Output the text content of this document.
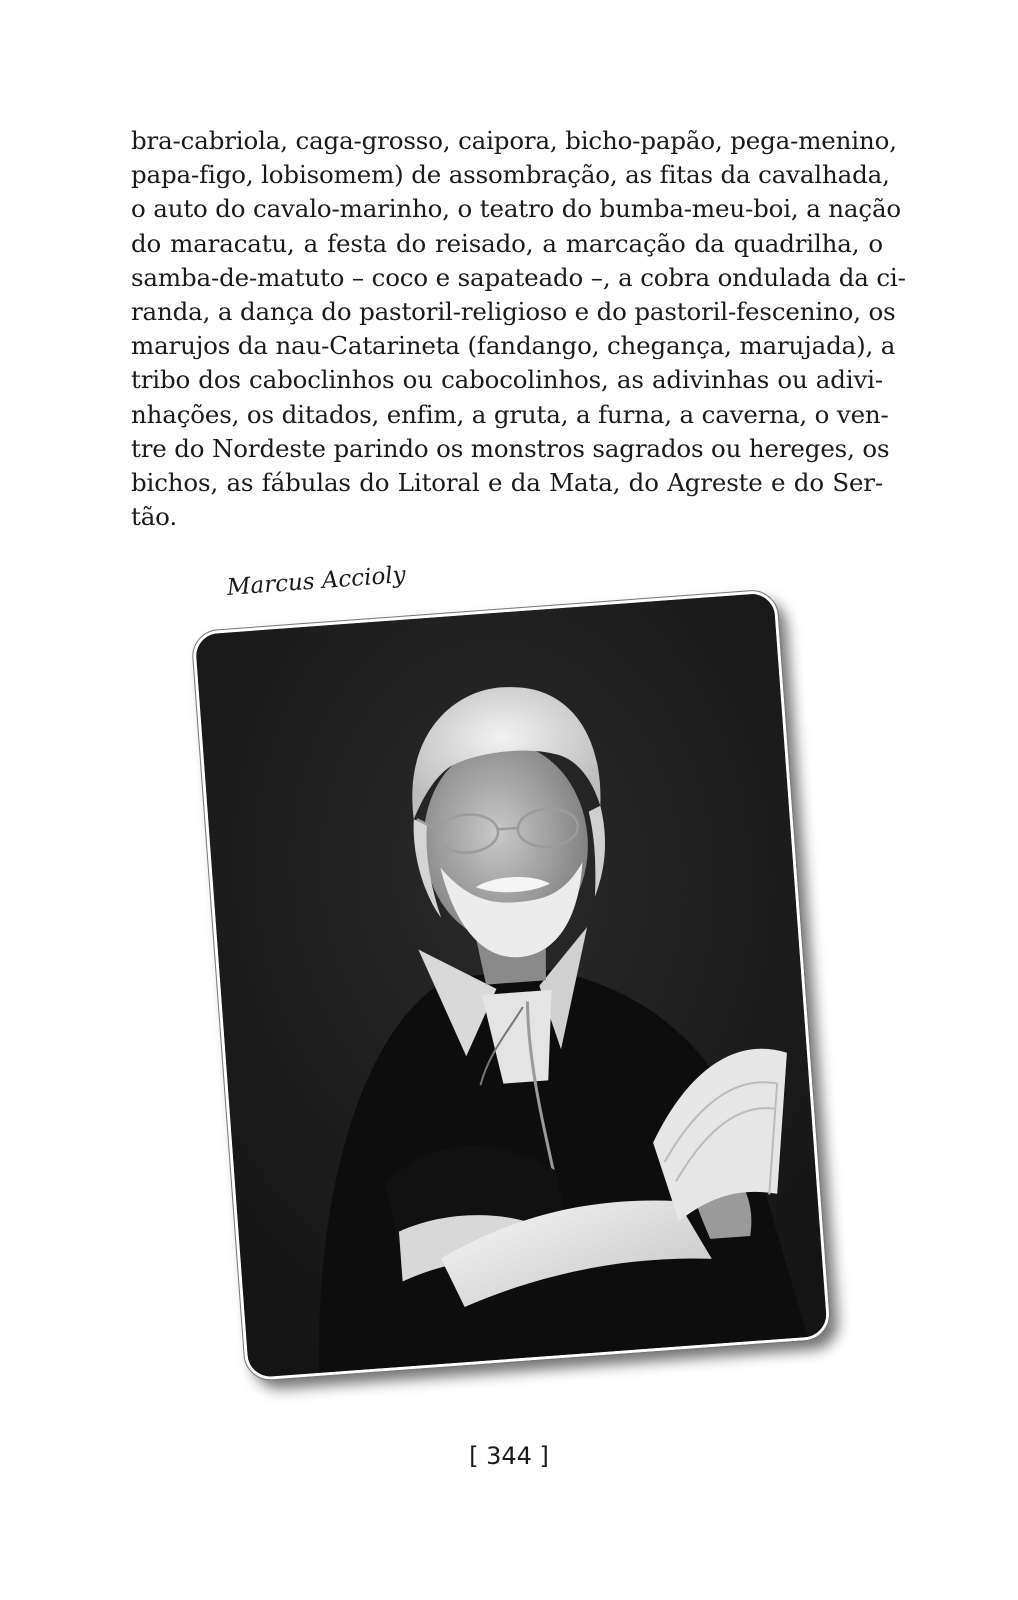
bra-cabriola, caga-grosso, caipora, bicho-papão, pega-menino,
papa-figo, lobisomem) de assombração, as fitas da cavalhada,
o auto do cavalo-marinho, o teatro do bumba-meu-boi, a nação
do maracatu, a festa do reisado, a marcação da quadrilha, o
samba-de-matuto – coco e sapateado –, a cobra ondulada da ci-
randa, a dança do pastoril-religioso e do pastoril-fescenino, os
marujos da nau-Catarineta (fandango, chegança, marujada), a
tribo dos caboclinhos ou cabocolinhos, as adivinhas ou adivi-
nhações, os ditados, enfim, a gruta, a furna, a caverna, o ven-
tre do Nordeste parindo os monstros sagrados ou hereges, os
bichos, as fábulas do Litoral e da Mata, do Agreste e do Ser-
tão.
Marcus Accioly
[ 344 ]
